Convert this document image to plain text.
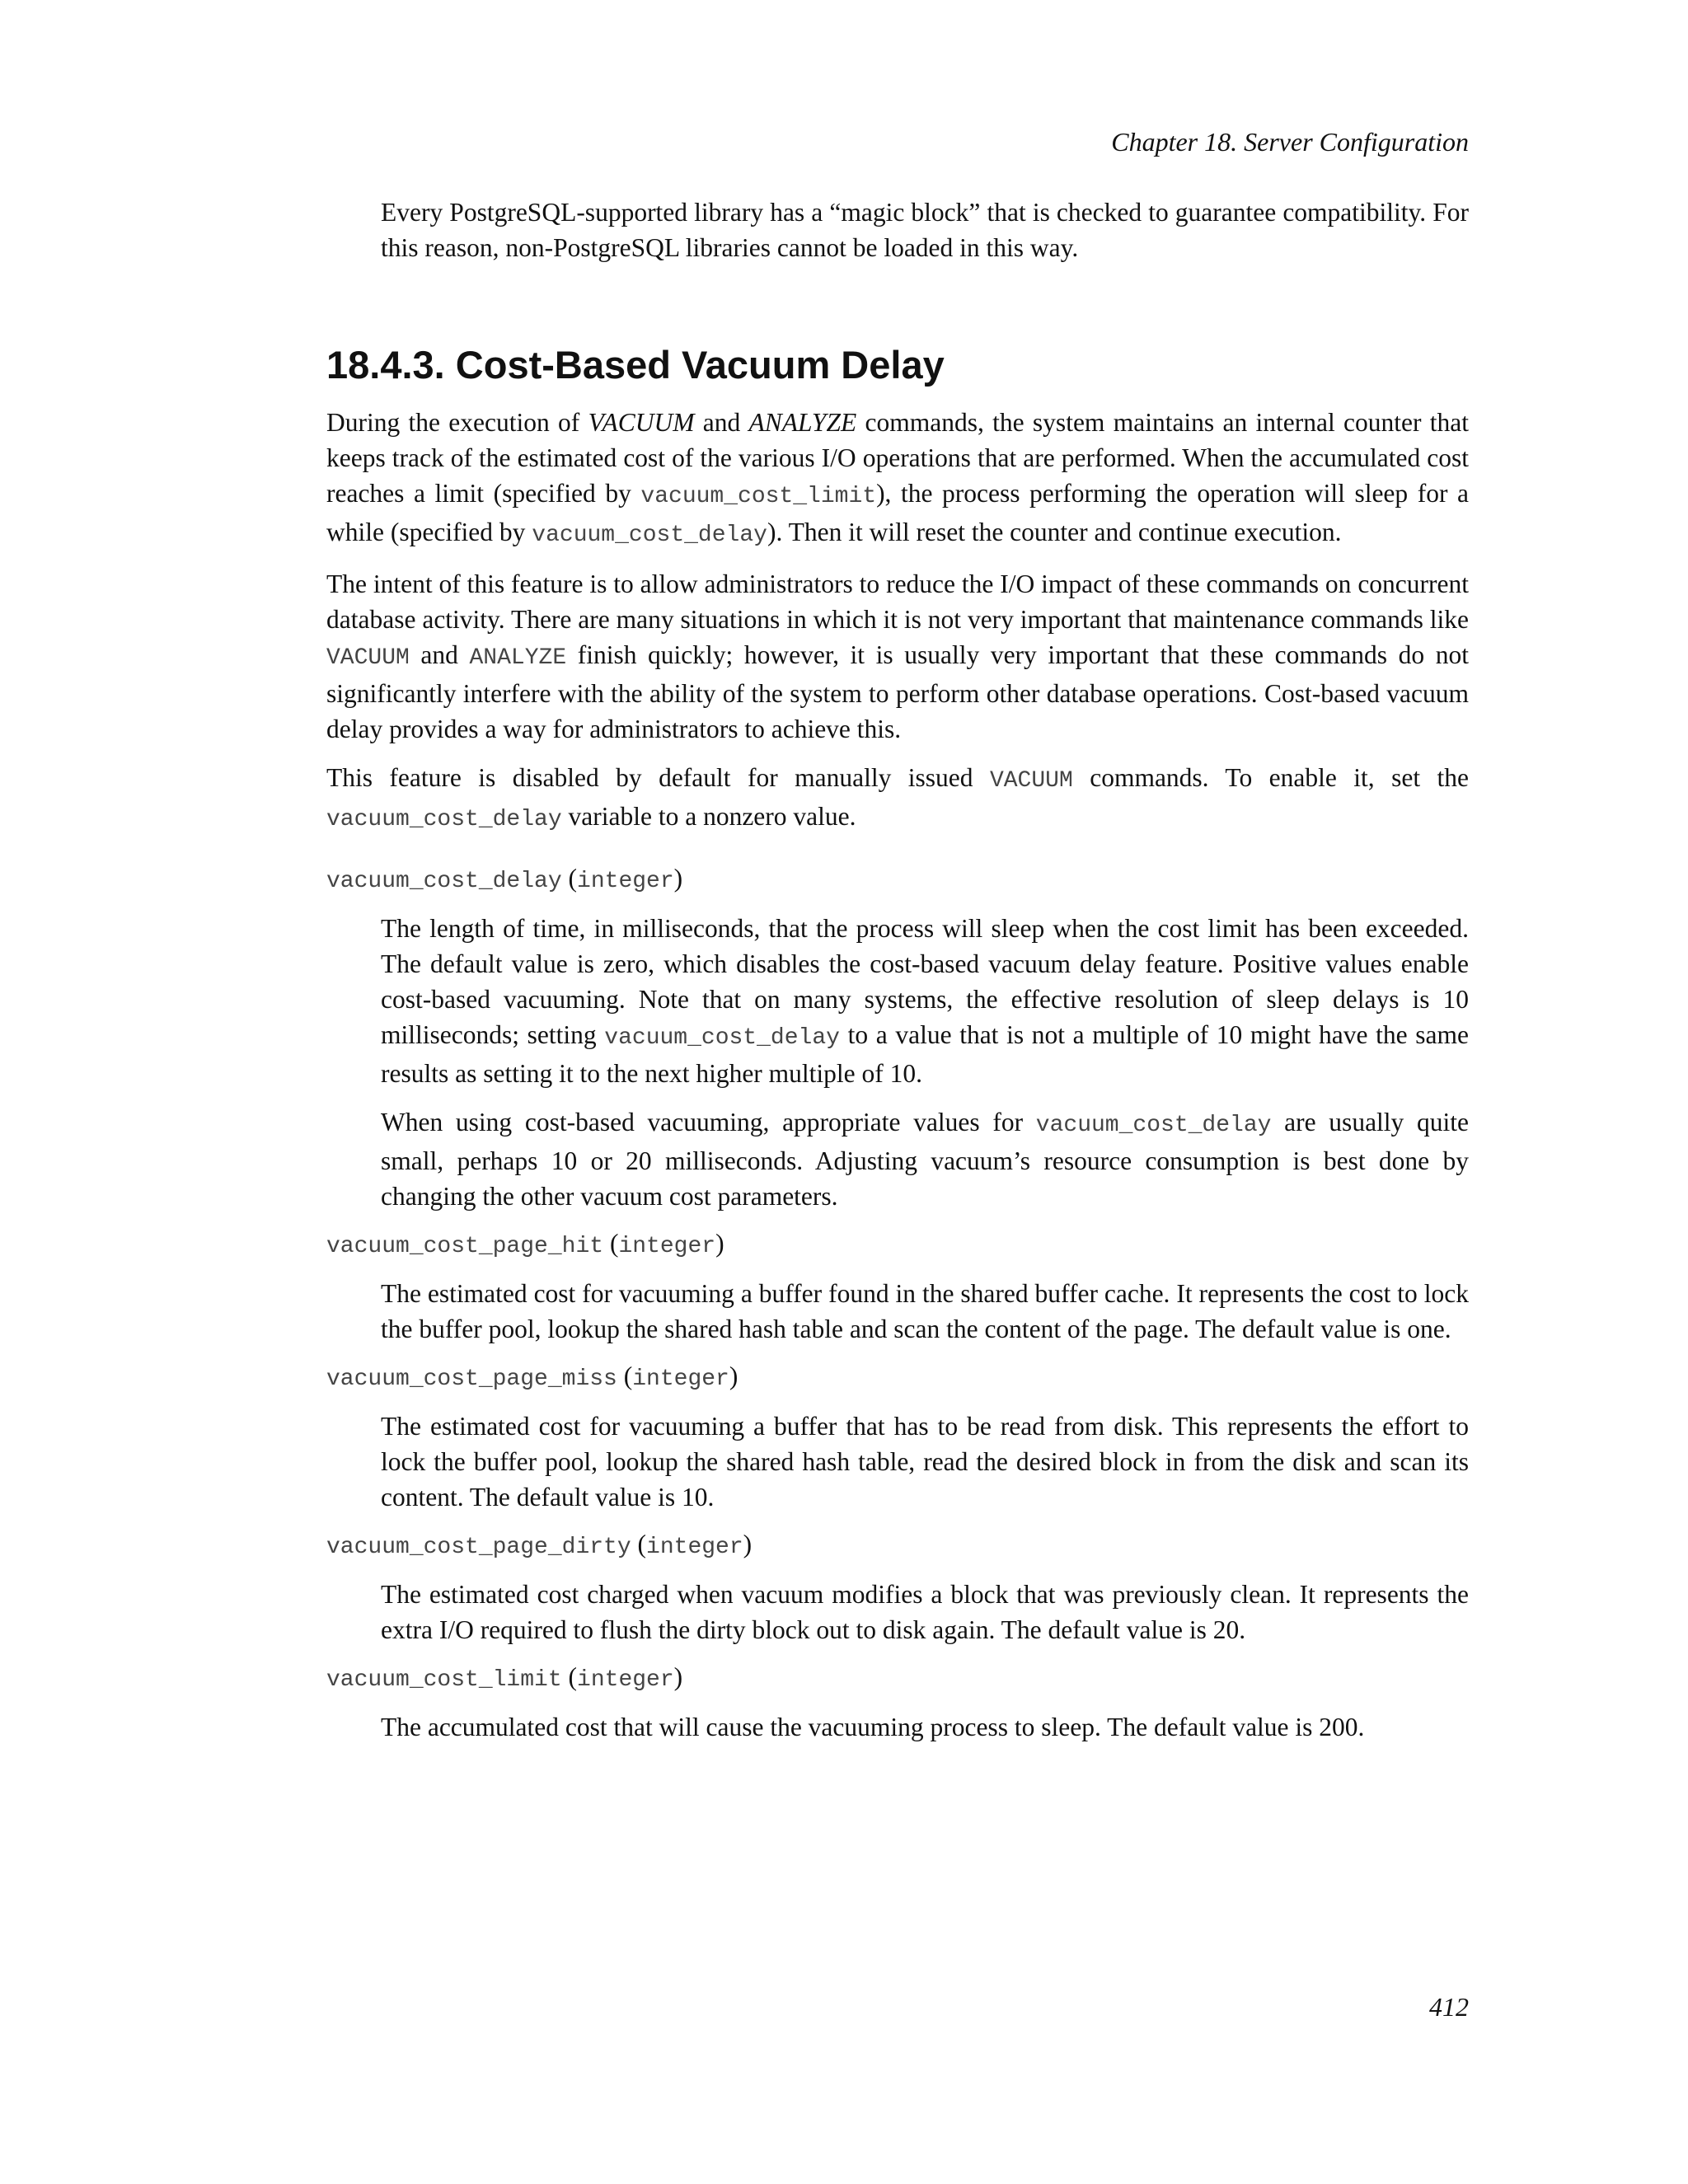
Chapter 18. Server Configuration

Every PostgreSQL-supported library has a “magic block” that is checked to guarantee compatibility. For this reason, non-PostgreSQL libraries cannot be loaded in this way.

18.4.3. Cost-Based Vacuum Delay

During the execution of VACUUM and ANALYZE commands, the system maintains an internal counter that keeps track of the estimated cost of the various I/O operations that are performed. When the accumulated cost reaches a limit (specified by vacuum_cost_limit), the process performing the operation will sleep for a while (specified by vacuum_cost_delay). Then it will reset the counter and continue execution.

The intent of this feature is to allow administrators to reduce the I/O impact of these commands on concurrent database activity. There are many situations in which it is not very important that maintenance commands like VACUUM and ANALYZE finish quickly; however, it is usually very important that these commands do not significantly interfere with the ability of the system to perform other database operations. Cost-based vacuum delay provides a way for administrators to achieve this.

This feature is disabled by default for manually issued VACUUM commands. To enable it, set the vacuum_cost_delay variable to a nonzero value.

vacuum_cost_delay (integer)

The length of time, in milliseconds, that the process will sleep when the cost limit has been exceeded. The default value is zero, which disables the cost-based vacuum delay feature. Positive values enable cost-based vacuuming. Note that on many systems, the effective resolution of sleep delays is 10 milliseconds; setting vacuum_cost_delay to a value that is not a multiple of 10 might have the same results as setting it to the next higher multiple of 10.

When using cost-based vacuuming, appropriate values for vacuum_cost_delay are usually quite small, perhaps 10 or 20 milliseconds. Adjusting vacuum’s resource consumption is best done by changing the other vacuum cost parameters.

vacuum_cost_page_hit (integer)

The estimated cost for vacuuming a buffer found in the shared buffer cache. It represents the cost to lock the buffer pool, lookup the shared hash table and scan the content of the page. The default value is one.

vacuum_cost_page_miss (integer)

The estimated cost for vacuuming a buffer that has to be read from disk. This represents the effort to lock the buffer pool, lookup the shared hash table, read the desired block in from the disk and scan its content. The default value is 10.

vacuum_cost_page_dirty (integer)

The estimated cost charged when vacuum modifies a block that was previously clean. It represents the extra I/O required to flush the dirty block out to disk again. The default value is 20.

vacuum_cost_limit (integer)

The accumulated cost that will cause the vacuuming process to sleep. The default value is 200.

412
